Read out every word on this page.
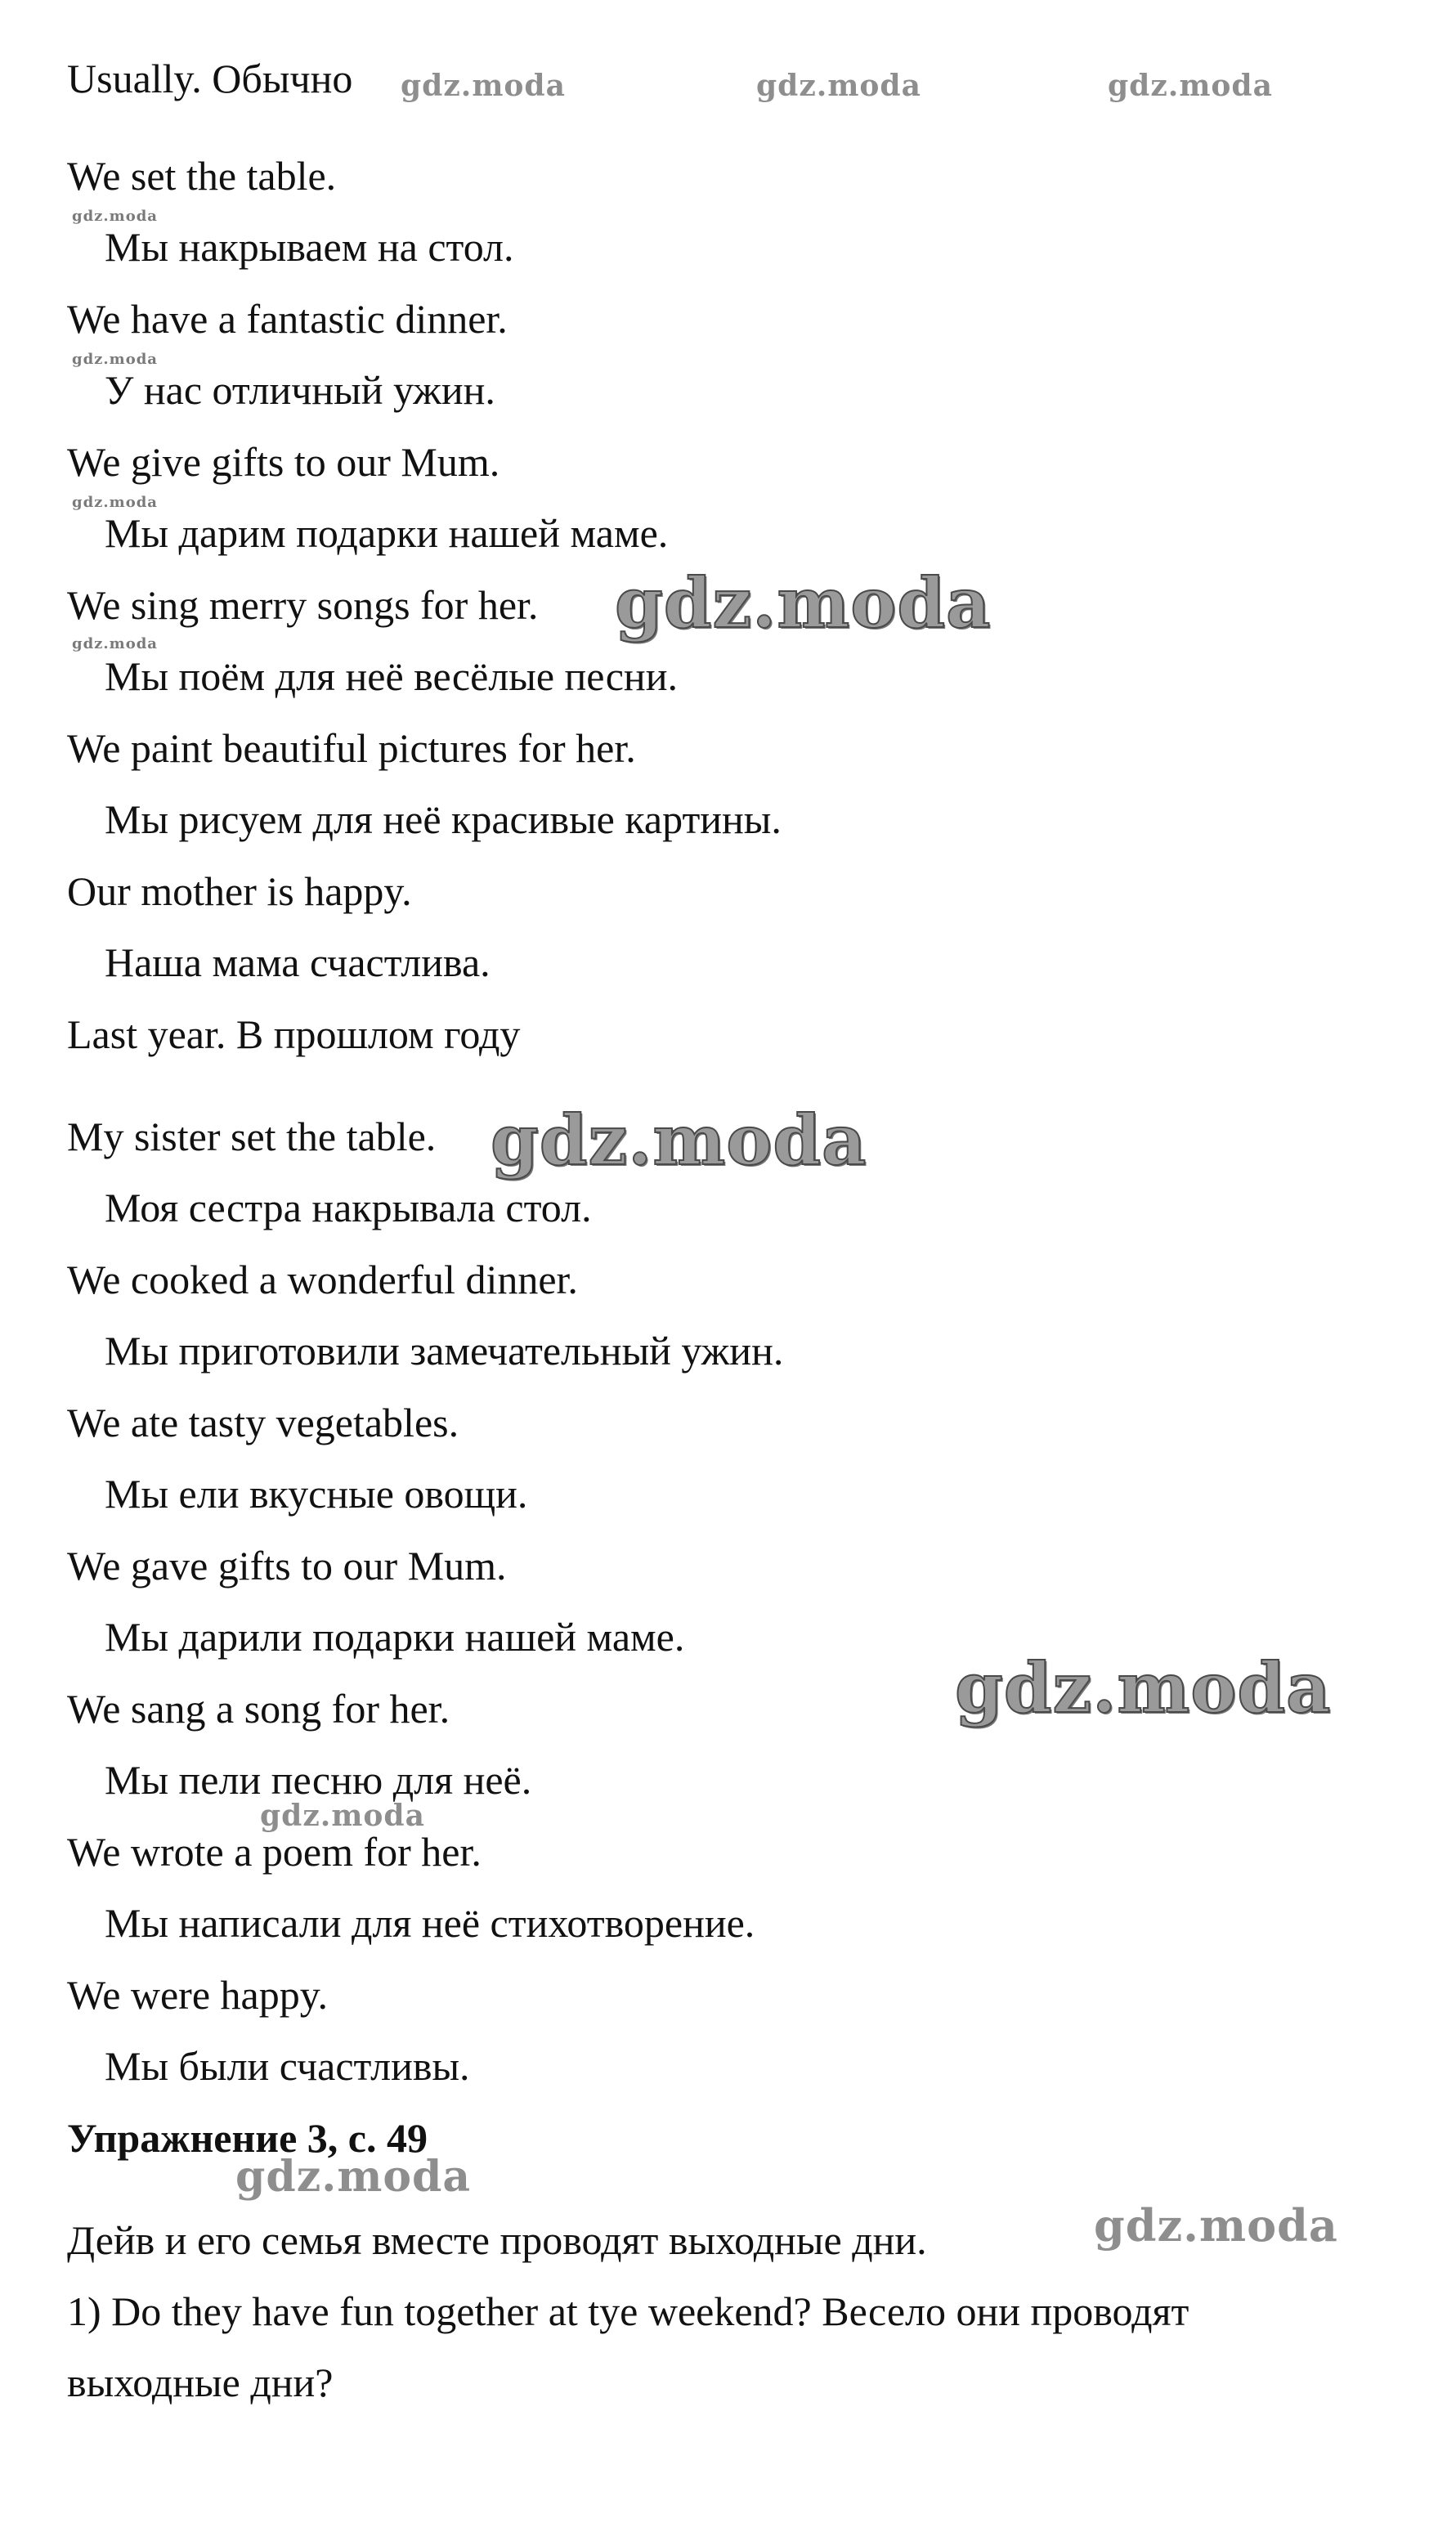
Usually. Обычно
We set the table.
Мы накрываем на стол.
We have a fantastic dinner.
У нас отличный ужин.
We give gifts to our Mum.
Мы дарим подарки нашей маме.
We sing merry songs for her.
Мы поём для неё весёлые песни.
We paint beautiful pictures for her.
Мы рисуем для неё красивые картины.
Our mother is happy.
Наша мама счастлива.
Last year. В прошлом году
My sister set the table.
Моя сестра накрывала стол.
We cooked a wonderful dinner.
Мы приготовили замечательный ужин.
We ate tasty vegetables.
Мы ели вкусные овощи.
We gave gifts to our Mum.
Мы дарили подарки нашей маме.
We sang a song for her.
Мы пели песню для неё.
We wrote a poem for her.
Мы написали для неё стихотворение.
We were happy.
Мы были счастливы.
Упражнение 3, с. 49
Дейв и его семья вместе проводят выходные дни.
1) Do they have fun together at tye weekend? Весело они проводят
выходные дни?
gdz.moda	gdz.moda	gdz.moda
gdz.moda
gdz.moda
gdz.moda
gdz.moda
gdz.moda
gdz.moda
gdz.moda
gdz.moda
gdz.moda
gdz.moda
